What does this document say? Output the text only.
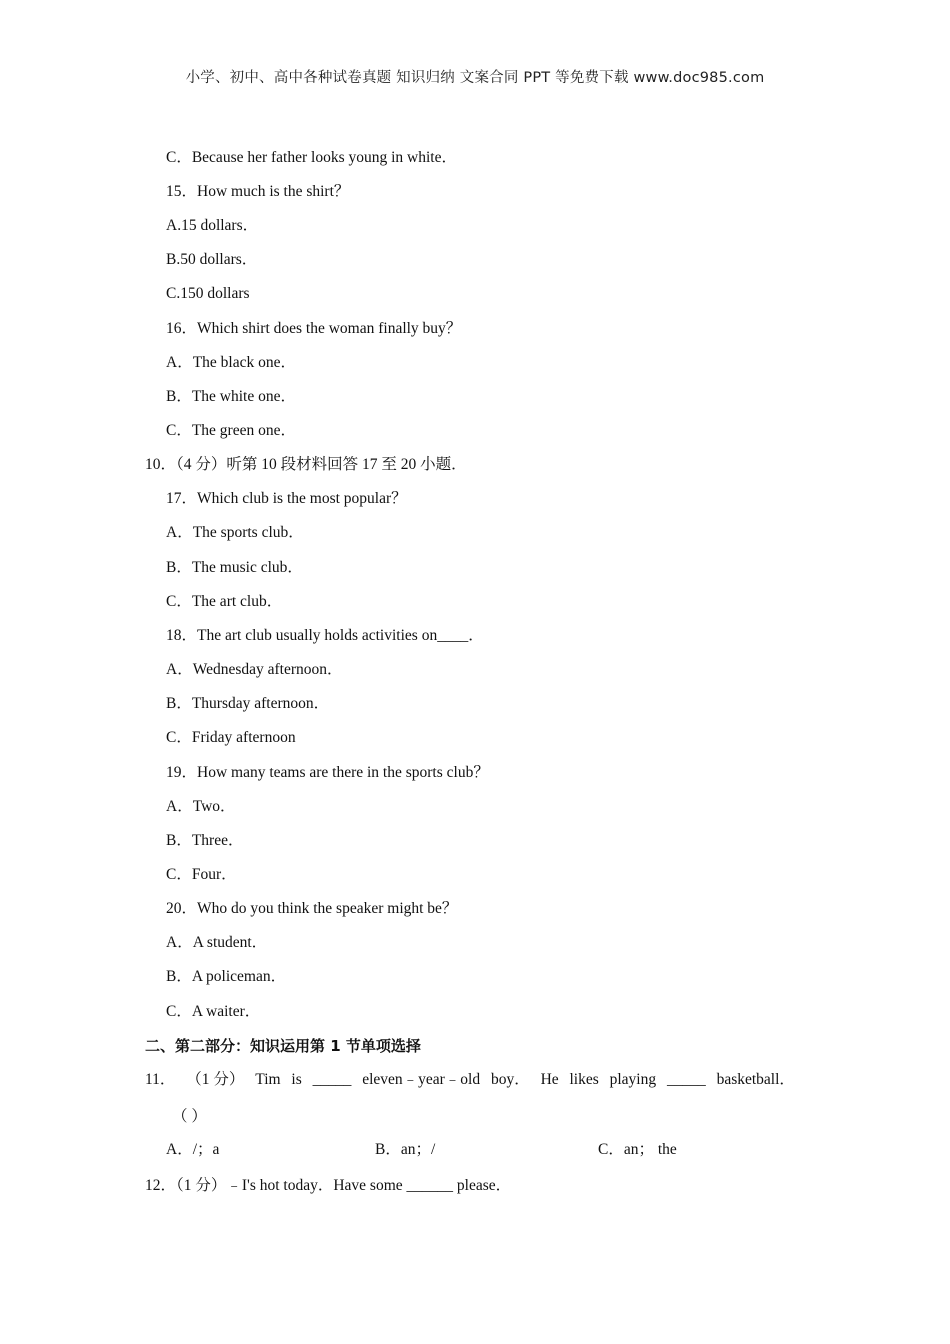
小学、初中、高中各种试卷真题 知识归纳 文案合同 PPT 等免费下载 www.doc985.com
C．Because her father looks young in white．
15．How much is the shirt？
A.15 dollars．
B.50 dollars．
C.150 dollars
16．Which shirt does the woman finally buy？
A．The black one．
B．The white one．
C．The green one．
10．（4 分）听第 10 段材料回答 17 至 20 小题．
17．Which club is the most popular？
A．The sports club．
B．The music club．
C．The art club．
18．The art club usually holds activities on____．
A．Wednesday afternoon．
B．Thursday afternoon．
C．Friday afternoon
19．How many teams are there in the sports club？
A．Two．
B．Three．
C．Four．
20．Who do you think the speaker might be？
A．A student．
B．A policeman．
C．A waiter．
二、第二部分：知识运用第 1 节单项选择
11． （1 分） Tim is _____ eleven﹣year﹣old boy． He likes playing _____ basketball．
（ ）
A．/；a	B．an；/	C．an； the
12．（1 分）﹣I's hot today．Have some ______ please．
